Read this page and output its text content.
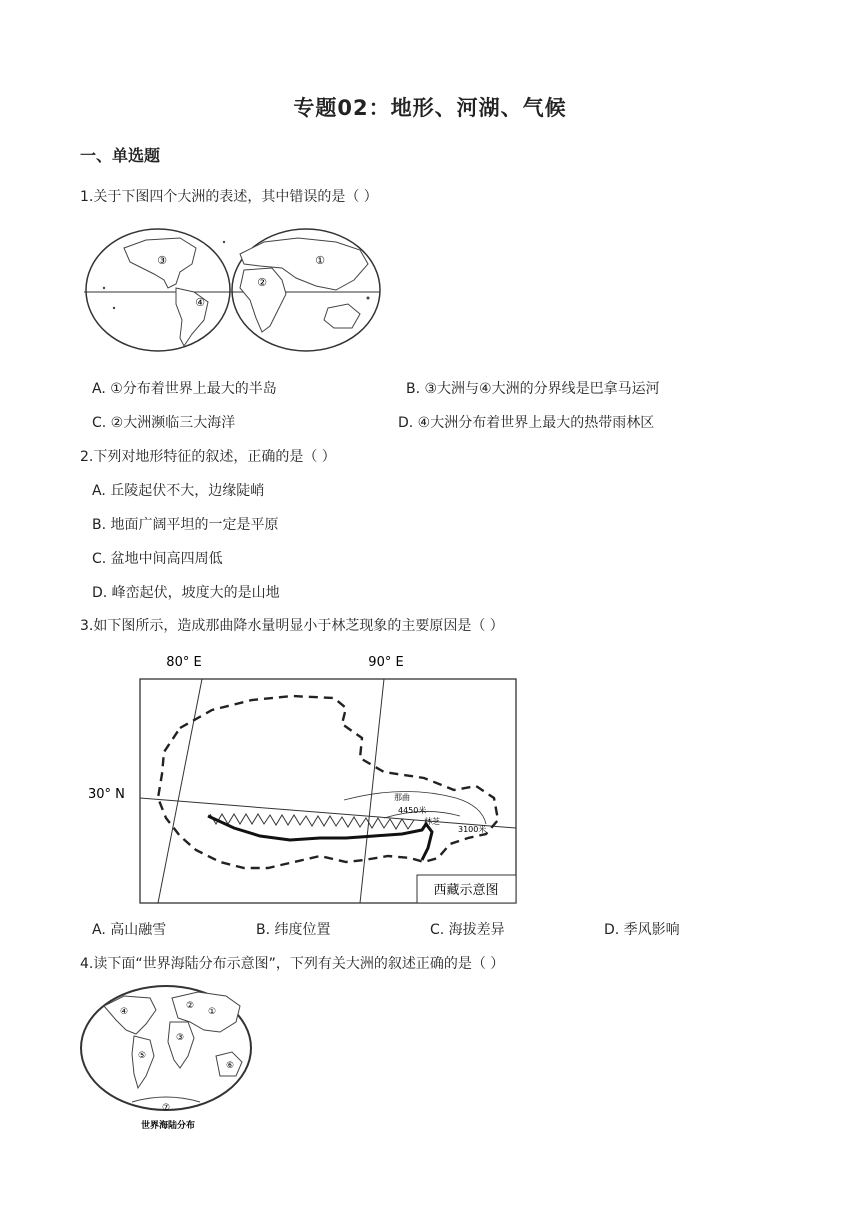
专题02：地形、河湖、气候
一、单选题
1.关于下图四个大洲的表述，其中错误的是（ ）
③	①
②
④
A. ①分布着世界上最大的半岛	B. ③大洲与④大洲的分界线是巴拿马运河
C. ②大洲濒临三大海洋	D. ④大洲分布着世界上最大的热带雨林区
2.下列对地形特征的叙述，正确的是（ ）
A. 丘陵起伏不大，边缘陡峭
B. 地面广阔平坦的一定是平原
C. 盆地中间高四周低
D. 峰峦起伏，坡度大的是山地
3.如下图所示，造成那曲降水量明显小于林芝现象的主要原因是（ ）
80° E	90° E
30° N	那曲
4450米
林芝
3100米
西藏示意图
A. 高山融雪	B. 纬度位置	C. 海拔差异	D. 季风影响
4.读下面“世界海陆分布示意图”，下列有关大洲的叙述正确的是（ ）
④
②
①
⑤
③
⑥
⑦
世界海陆分布
